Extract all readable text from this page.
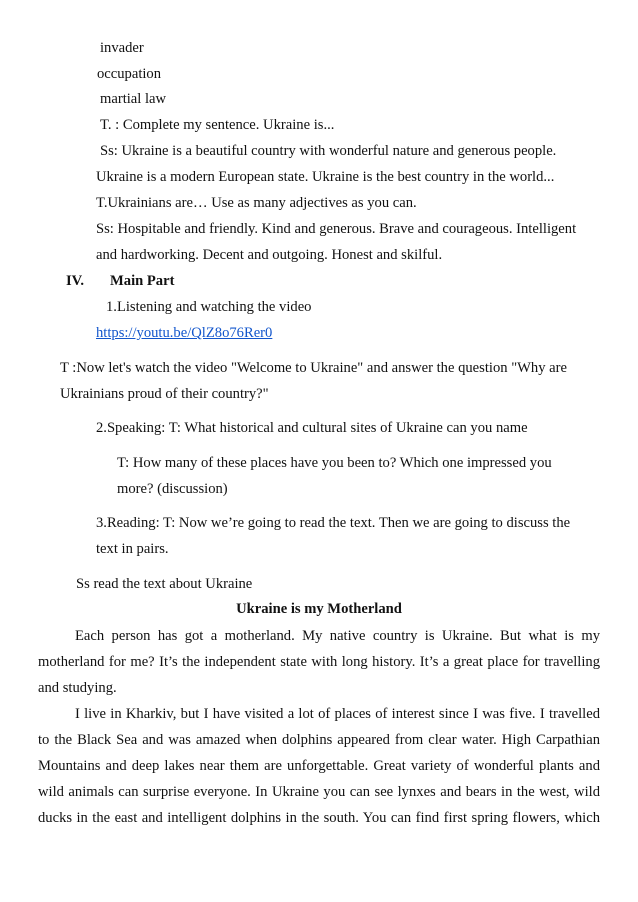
invader
occupation
martial law
T. : Complete my sentence. Ukraine is...
Ss: Ukraine is a beautiful country with wonderful nature and generous people.
Ukraine is a modern European state. Ukraine is the best country in the world...
T.Ukrainians are… Use as many adjectives as you can.
Ss: Hospitable and friendly. Kind and generous. Brave and courageous. Intelligent
and hardworking. Decent and outgoing. Honest and skilful.
IV. Main Part
1.Listening and watching the video
https://youtu.be/QlZ8o76Rer0
T :Now let's watch the video "Welcome to Ukraine" and answer the question "Why are
Ukrainians proud of their country?"
2.Speaking: T: What historical and cultural sites of Ukraine can you name
T: How many of these places have you been to? Which one impressed you
more? (discussion)
3.Reading: T: Now we’re going to read the text. Then we are going to discuss the
text in pairs.
Ss read the text about Ukraine
Ukraine is my Motherland
Each person has got a motherland. My native country is Ukraine. But what is my
motherland for me? It’s the independent state with long history. It’s a great place for travelling
and studying.
I live in Kharkiv, but I have visited a lot of places of interest since I was five. I travelled
to the Black Sea and was amazed when dolphins appeared from clear water. High Carpathian
Mountains and deep lakes near them are unforgettable. Great variety of wonderful plants and
wild animals can surprise everyone. In Ukraine you can see lynxes and bears in the west, wild
ducks in the east and intelligent dolphins in the south. You can find first spring flowers, which
